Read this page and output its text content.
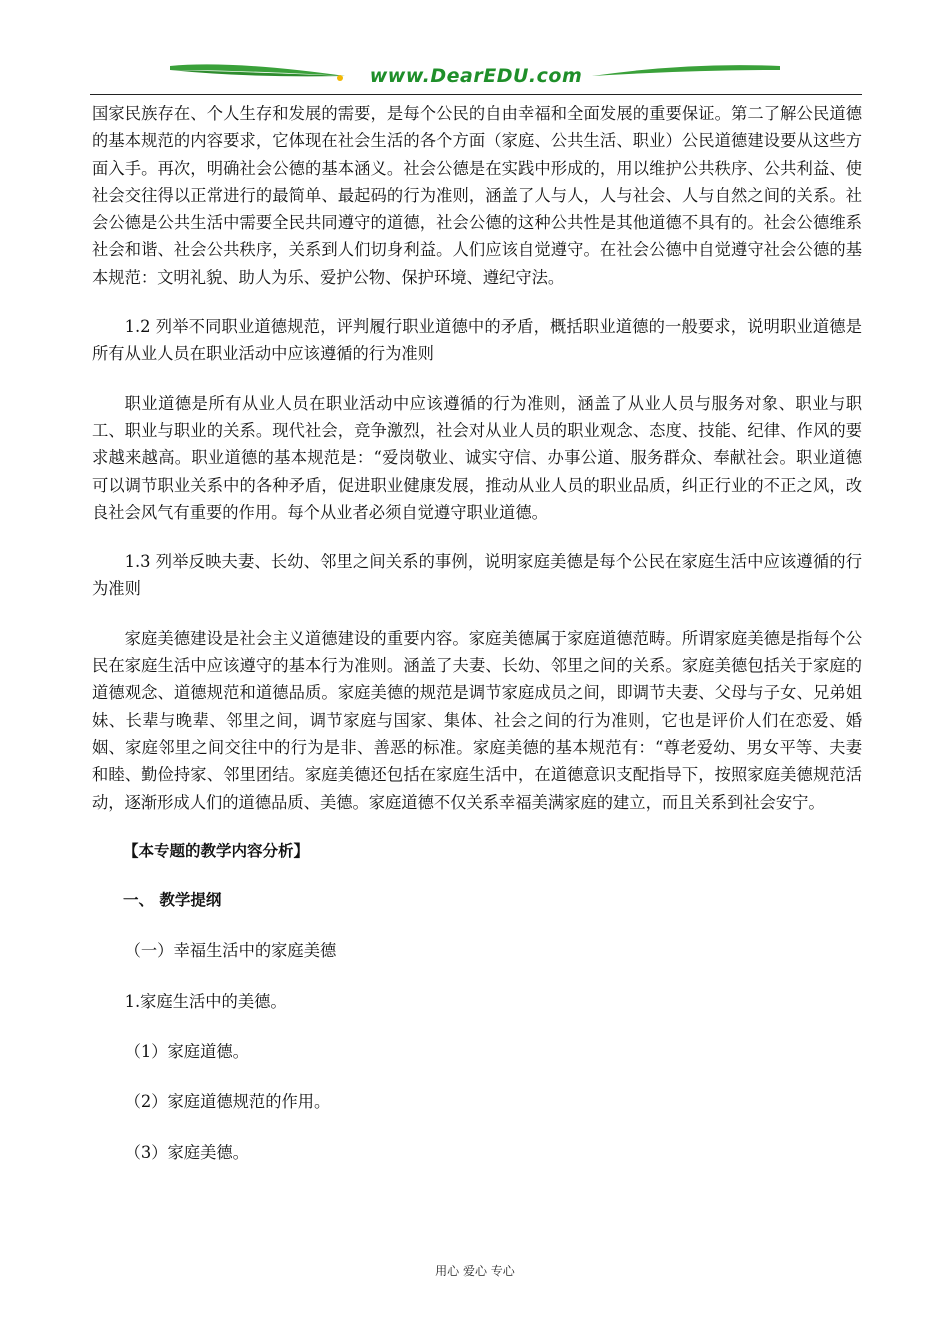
www.DearEDU.com

国家民族存在、个人生存和发展的需要，是每个公民的自由幸福和全面发展的重要保证。第二了解公民道德的基本规范的内容要求，它体现在社会生活的各个方面（家庭、公共生活、职业）公民道德建设要从这些方面入手。再次，明确社会公德的基本涵义。社会公德是在实践中形成的，用以维护公共秩序、公共利益、使社会交往得以正常进行的最简单、最起码的行为准则，涵盖了人与人，人与社会、人与自然之间的关系。社会公德是公共生活中需要全民共同遵守的道德，社会公德的这种公共性是其他道德不具有的。社会公德维系社会和谐、社会公共秩序，关系到人们切身利益。人们应该自觉遵守。在社会公德中自觉遵守社会公德的基本规范：文明礼貌、助人为乐、爱护公物、保护环境、遵纪守法。

1.2 列举不同职业道德规范，评判履行职业道德中的矛盾，概括职业道德的一般要求，说明职业道德是所有从业人员在职业活动中应该遵循的行为准则

职业道德是所有从业人员在职业活动中应该遵循的行为准则，涵盖了从业人员与服务对象、职业与职工、职业与职业的关系。现代社会，竞争激烈，社会对从业人员的职业观念、态度、技能、纪律、作风的要求越来越高。职业道德的基本规范是：“爱岗敬业、诚实守信、办事公道、服务群众、奉献社会。职业道德可以调节职业关系中的各种矛盾，促进职业健康发展，推动从业人员的职业品质，纠正行业的不正之风，改良社会风气有重要的作用。每个从业者必须自觉遵守职业道德。

1.3 列举反映夫妻、长幼、邻里之间关系的事例，说明家庭美德是每个公民在家庭生活中应该遵循的行为准则

家庭美德建设是社会主义道德建设的重要内容。家庭美德属于家庭道德范畴。所谓家庭美德是指每个公民在家庭生活中应该遵守的基本行为准则。涵盖了夫妻、长幼、邻里之间的关系。家庭美德包括关于家庭的道德观念、道德规范和道德品质。家庭美德的规范是调节家庭成员之间，即调节夫妻、父母与子女、兄弟姐妹、长辈与晚辈、邻里之间，调节家庭与国家、集体、社会之间的行为准则，它也是评价人们在恋爱、婚姻、家庭邻里之间交往中的行为是非、善恶的标准。家庭美德的基本规范有：“尊老爱幼、男女平等、夫妻和睦、勤俭持家、邻里团结。家庭美德还包括在家庭生活中，在道德意识支配指导下，按照家庭美德规范活动，逐渐形成人们的道德品质、美德。家庭道德不仅关系幸福美满家庭的建立，而且关系到社会安宁。

【本专题的教学内容分析】

一、 教学提纲

（一）幸福生活中的家庭美德

1.家庭生活中的美德。

（1）家庭道德。

（2）家庭道德规范的作用。

（3）家庭美德。

用心 爱心 专心
